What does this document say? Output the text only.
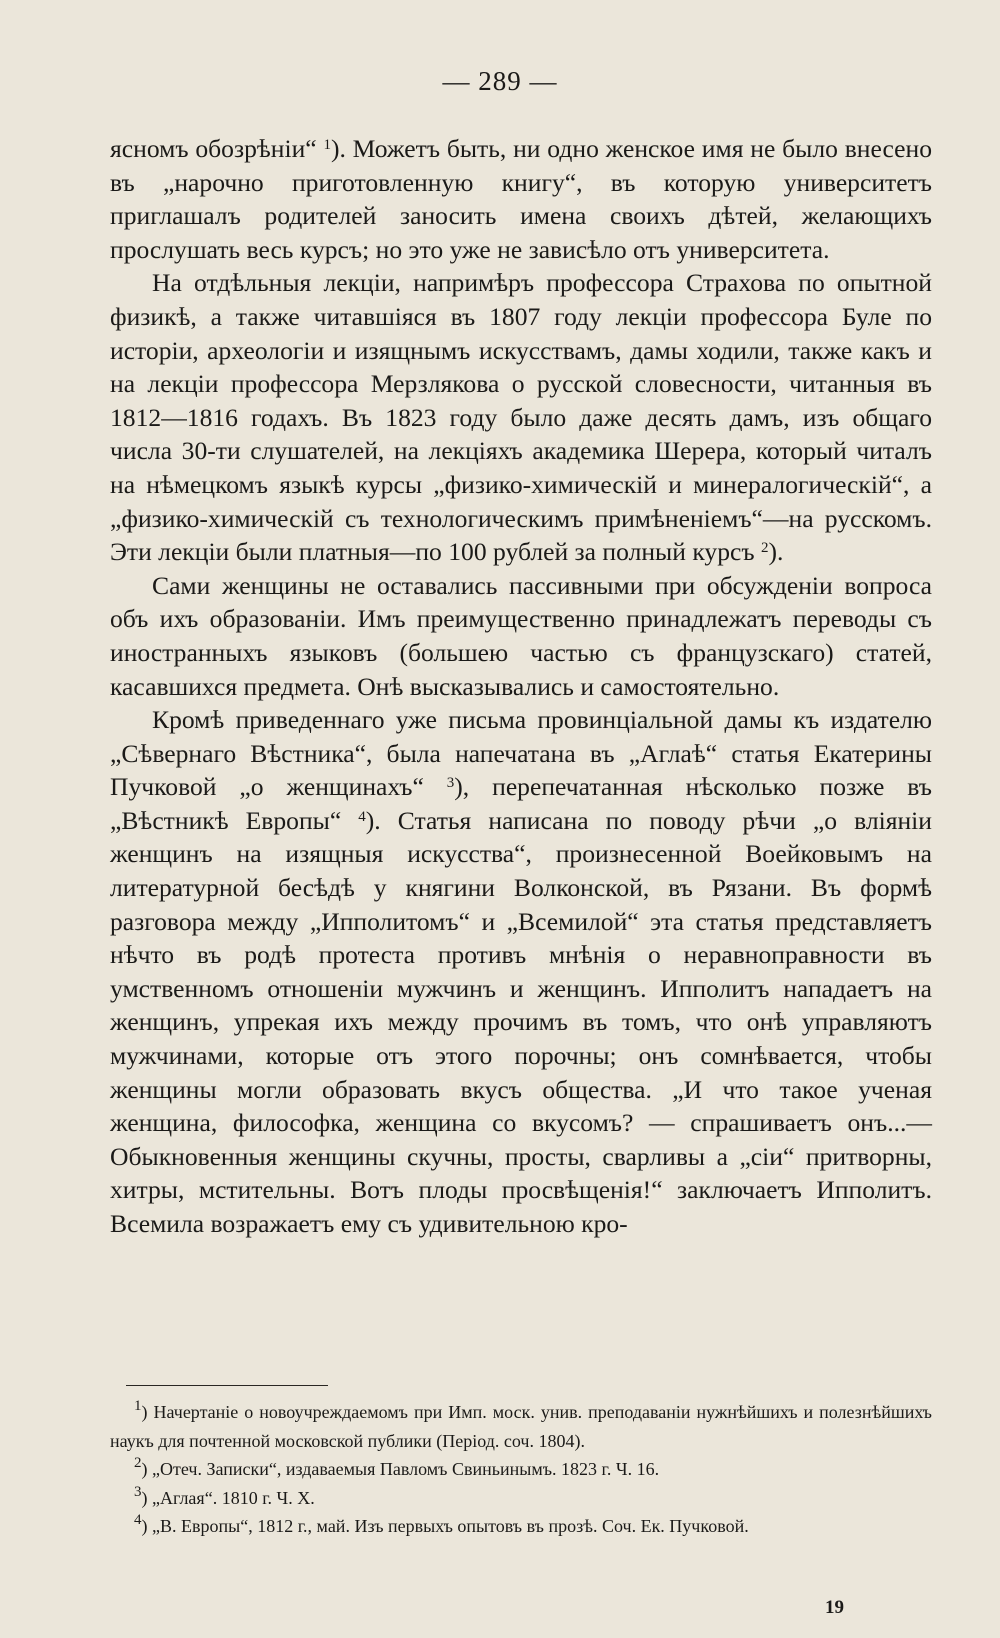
— 289 —

ясномъ обозрѣніи“ $^1$). Можетъ быть, ни одно женское имя не было внесено въ „нарочно приготовленную книгу“, въ которую университетъ приглашалъ родителей заносить имена своихъ дѣтей, желающихъ прослушать весь курсъ; но это уже не зависѣло отъ университета.

На отдѣльныя лекціи, напримѣръ профессора Страхова по опытной физикѣ, а также читавшіяся въ 1807 году лекціи профессора Буле по исторіи, археологіи и изящнымъ искусствамъ, дамы ходили, также какъ и на лекціи профессора Мерзлякова о русской словесности, читанныя въ 1812—1816 годахъ. Въ 1823 году было даже десять дамъ, изъ общаго числа 30-ти слушателей, на лекціяхъ академика Шерера, который читалъ на нѣмецкомъ языкѣ курсы „физико-химическій и минералогическій“, а „физико-химическій съ технологическимъ примѣненіемъ“—на русскомъ. Эти лекціи были платныя—по 100 рублей за полный курсъ $^2$).

Сами женщины не оставались пассивными при обсужденіи вопроса объ ихъ образованіи. Имъ преимущественно принадлежатъ переводы съ иностранныхъ языковъ (большею частью съ французскаго) статей, касавшихся предмета. Онѣ высказывались и самостоятельно.

Кромѣ приведеннаго уже письма провинціальной дамы къ издателю „Сѣвернаго Вѣстника“, была напечатана въ „Аглаѣ“ статья Екатерины Пучковой „о женщинахъ“ $^3$), перепечатанная нѣсколько позже въ „Вѣстникѣ Европы“ $^4$). Статья написана по поводу рѣчи „о вліяніи женщинъ на изящныя искусства“, произнесенной Воейковымъ на литературной бесѣдѣ у княгини Волконской, въ Рязани. Въ формѣ разговора между „Ипполитомъ“ и „Всемилой“ эта статья представляетъ нѣчто въ родѣ протеста противъ мнѣнія о неравноправности въ умственномъ отношеніи мужчинъ и женщинъ. Ипполитъ нападаетъ на женщинъ, упрекая ихъ между прочимъ въ томъ, что онѣ управляютъ мужчинами, которые отъ этого порочны; онъ сомнѣвается, чтобы женщины могли образовать вкусъ общества. „И что такое ученая женщина, философка, женщина со вкусомъ? — спрашиваетъ онъ...— Обыкновенныя женщины скучны, просты, сварливы а „сіи“ притворны, хитры, мстительны. Вотъ плоды просвѣщенія!“ заключаетъ Ипполитъ. Всемила возражаетъ ему съ удивительною кро-

$^1$) Начертаніе о новоучреждаемомъ при Имп. моск. унив. преподаваніи нужнѣйшихъ и полезнѣйшихъ наукъ для почтенной московской публики (Період. соч. 1804).

$^2$) „Отеч. Записки“, издаваемыя Павломъ Свиньинымъ. 1823 г. Ч. 16.

$^3$) „Аглая“. 1810 г. Ч. X.

$^4$) „В. Европы“, 1812 г., май. Изъ первыхъ опытовъ въ прозѣ. Соч. Ек. Пучковой.

19
